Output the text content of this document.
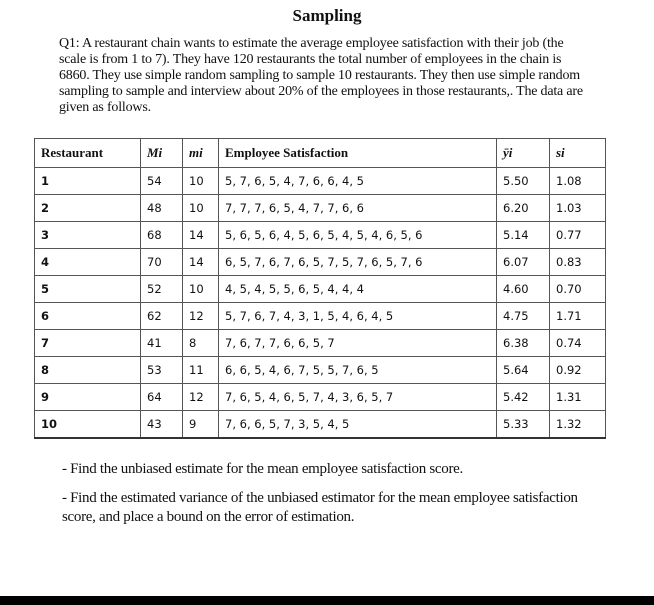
Sampling
Q1: A restaurant chain wants to estimate the average employee satisfaction with their job (the scale is from 1 to 7). They have 120 restaurants the total number of employees in the chain is 6860. They use simple random sampling to sample 10 restaurants. They then use simple random sampling to sample and interview about 20% of the employees in those restaurants,. The data are given as follows.
Restaurant	Mi	mi	Employee Satisfaction	ȳi	si
1	54	10	5, 7, 6, 5, 4, 7, 6, 6, 4, 5	5.50	1.08
2	48	10	7, 7, 7, 6, 5, 4, 7, 7, 6, 6	6.20	1.03
3	68	14	5, 6, 5, 6, 4, 5, 6, 5, 4, 5, 4, 6, 5, 6	5.14	0.77
4	70	14	6, 5, 7, 6, 7, 6, 5, 7, 5, 7, 6, 5, 7, 6	6.07	0.83
5	52	10	4, 5, 4, 5, 5, 6, 5, 4, 4, 4	4.60	0.70
6	62	12	5, 7, 6, 7, 4, 3, 1, 5, 4, 6, 4, 5	4.75	1.71
7	41	8	7, 6, 7, 7, 6, 6, 5, 7	6.38	0.74
8	53	11	6, 6, 5, 4, 6, 7, 5, 5, 7, 6, 5	5.64	0.92
9	64	12	7, 6, 5, 4, 6, 5, 7, 4, 3, 6, 5, 7	5.42	1.31
10	43	9	7, 6, 6, 5, 7, 3, 5, 4, 5	5.33	1.32

- Find the unbiased estimate for the mean employee satisfaction score.

- Find the estimated variance of the unbiased estimator for the mean employee satisfaction score, and place a bound on the error of estimation.
